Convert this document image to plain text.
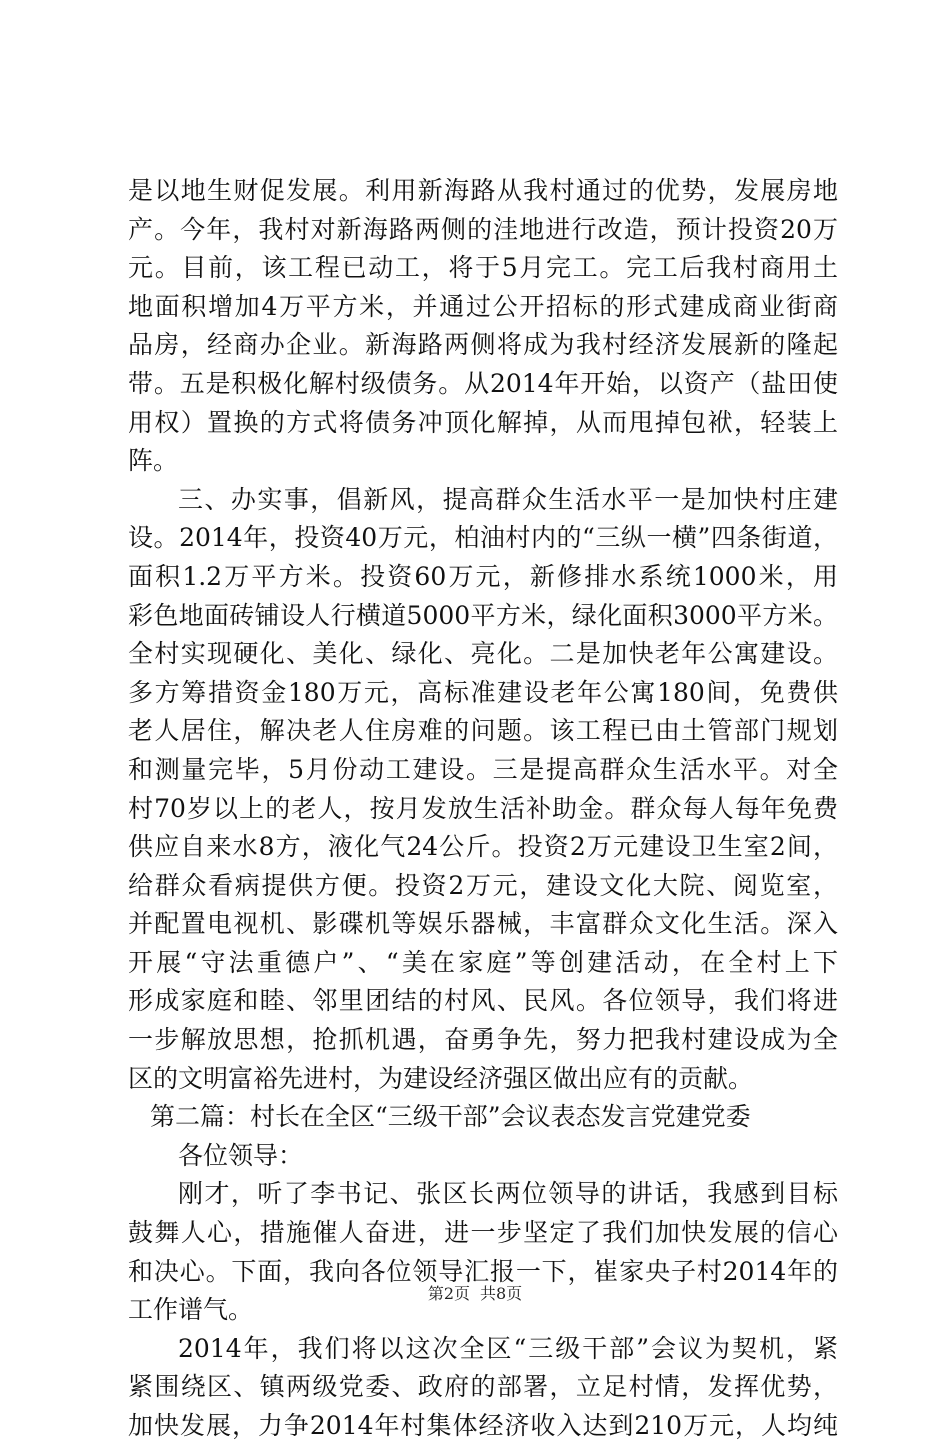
是以地生财促发展。利用新海路从我村通过的优势，发展房地
产。今年，我村对新海路两侧的洼地进行改造，预计投资20万
元。目前，该工程已动工，将于5月完工。完工后我村商用土
地面积增加4万平方米，并通过公开招标的形式建成商业街商
品房，经商办企业。新海路两侧将成为我村经济发展新的隆起
带。五是积极化解村级债务。从2014年开始，以资产（盐田使
用权）置换的方式将债务冲顶化解掉，从而甩掉包袱，轻装上
阵。
三、办实事，倡新风，提高群众生活水平一是加快村庄建
设。2014年，投资40万元，柏油村内的“三纵一横”四条街道，
面积1.2万平方米。投资60万元，新修排水系统1000米，用
彩色地面砖铺设人行横道5000平方米，绿化面积3000平方米。
全村实现硬化、美化、绿化、亮化。二是加快老年公寓建设。
多方筹措资金180万元，高标准建设老年公寓180间，免费供
老人居住，解决老人住房难的问题。该工程已由土管部门规划
和测量完毕，5月份动工建设。三是提高群众生活水平。对全
村70岁以上的老人，按月发放生活补助金。群众每人每年免费
供应自来水8方，液化气24公斤。投资2万元建设卫生室2间，
给群众看病提供方便。投资2万元，建设文化大院、阅览室，
并配置电视机、影碟机等娱乐器械，丰富群众文化生活。深入
开展“守法重德户”、“美在家庭”等创建活动，在全村上下
形成家庭和睦、邻里团结的村风、民风。各位领导，我们将进
一步解放思想，抢抓机遇，奋勇争先，努力把我村建设成为全
区的文明富裕先进村，为建设经济强区做出应有的贡献。
第二篇：村长在全区“三级干部”会议表态发言党建党委
各位领导：
刚才，听了李书记、张区长两位领导的讲话，我感到目标
鼓舞人心，措施催人奋进，进一步坚定了我们加快发展的信心
和决心。下面，我向各位领导汇报一下，崔家央子村2014年的
工作谱气。
2014年，我们将以这次全区“三级干部”会议为契机，紧
紧围绕区、镇两级党委、政府的部署，立足村情，发挥优势，
加快发展，力争2014年村集体经济收入达到210万元，人均纯
第2页 共8页
